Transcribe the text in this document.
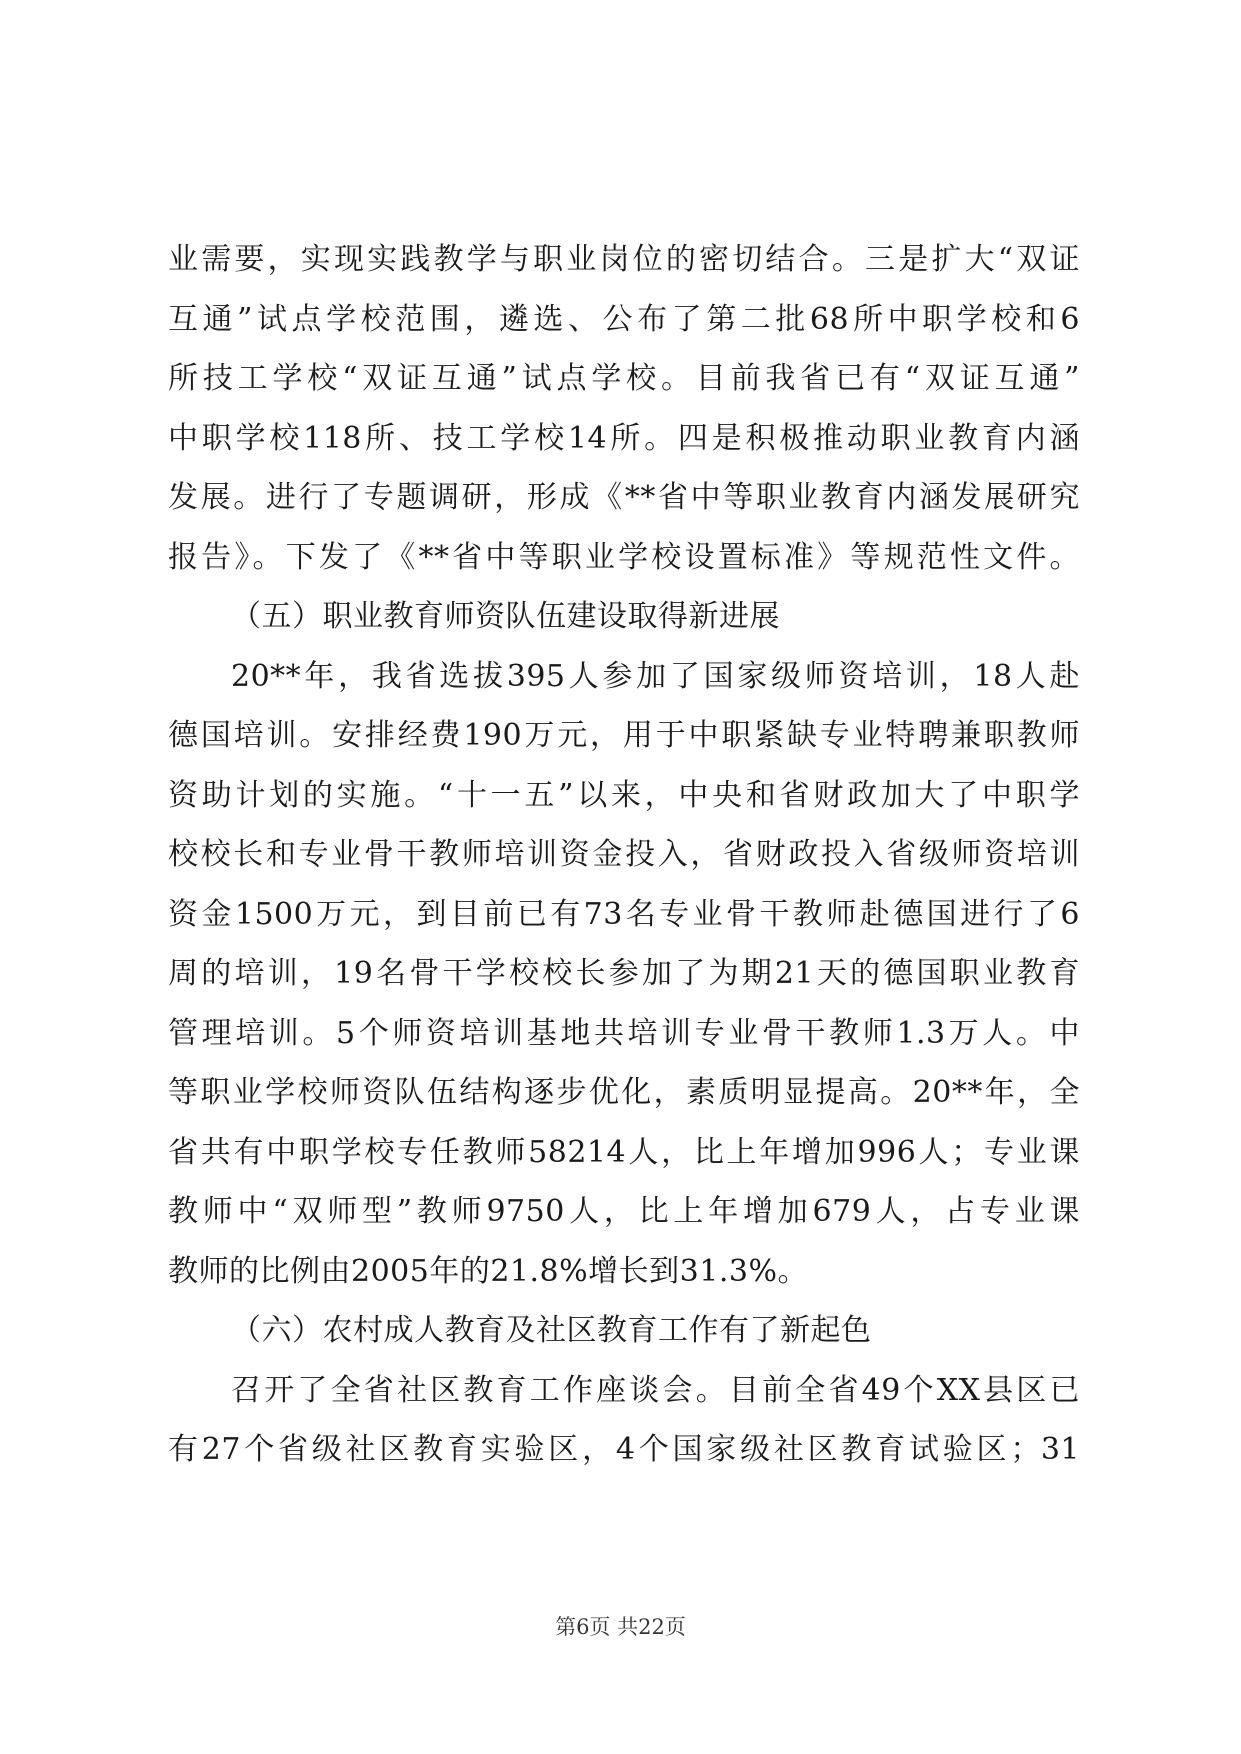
业需要，实现实践教学与职业岗位的密切结合。三是扩大“双证
互通”试点学校范围，遴选、公布了第二批68所中职学校和6
所技工学校“双证互通”试点学校。目前我省已有“双证互通”
中职学校118所、技工学校14所。四是积极推动职业教育内涵
发展。进行了专题调研，形成《**省中等职业教育内涵发展研究
报告》。下发了《**省中等职业学校设置标准》等规范性文件。
（五）职业教育师资队伍建设取得新进展
20**年，我省选拔395人参加了国家级师资培训，18人赴
德国培训。安排经费190万元，用于中职紧缺专业特聘兼职教师
资助计划的实施。“十一五”以来，中央和省财政加大了中职学
校校长和专业骨干教师培训资金投入，省财政投入省级师资培训
资金1500万元，到目前已有73名专业骨干教师赴德国进行了6
周的培训，19名骨干学校校长参加了为期21天的德国职业教育
管理培训。5个师资培训基地共培训专业骨干教师1.3万人。中
等职业学校师资队伍结构逐步优化，素质明显提高。20**年，全
省共有中职学校专任教师58214人，比上年增加996人；专业课
教师中“双师型”教师9750人，比上年增加679人，占专业课
教师的比例由2005年的21.8%增长到31.3%。
（六）农村成人教育及社区教育工作有了新起色
召开了全省社区教育工作座谈会。目前全省49个XX县区已
有27个省级社区教育实验区，4个国家级社区教育试验区；31
第6页 共22页
